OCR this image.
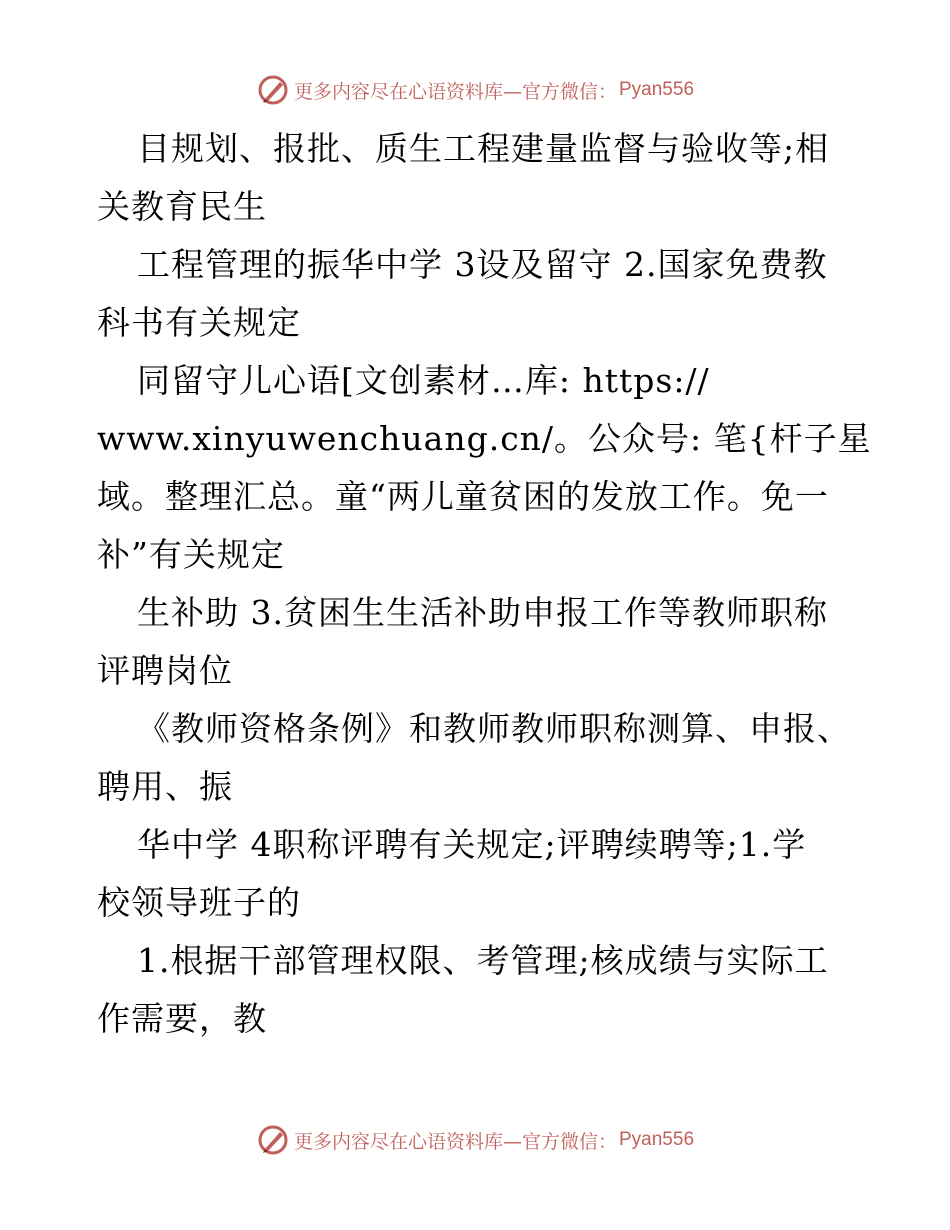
更多内容尽在心语资料库—官方微信： Pyan556

目规划、报批、质生工程建量监督与验收等;相
关教育民生

工程管理的振华中学 3设及留守 2.国家免费教
科书有关规定

同留守儿心语[文创素材…库: https://
www.xinyuwenchuang.cn/。公众号: 笔{杆子星
域。整理汇总。童“两儿童贫困的发放工作。免一
补”有关规定

生补助 3.贫困生生活补助申报工作等教师职称
评聘岗位

《教师资格条例》和教师教师职称测算、申报、
聘用、振

华中学 4职称评聘有关规定;评聘续聘等;1.学
校领导班子的

1.根据干部管理权限、考管理;核成绩与实际工
作需要，教

更多内容尽在心语资料库—官方微信： Pyan556
